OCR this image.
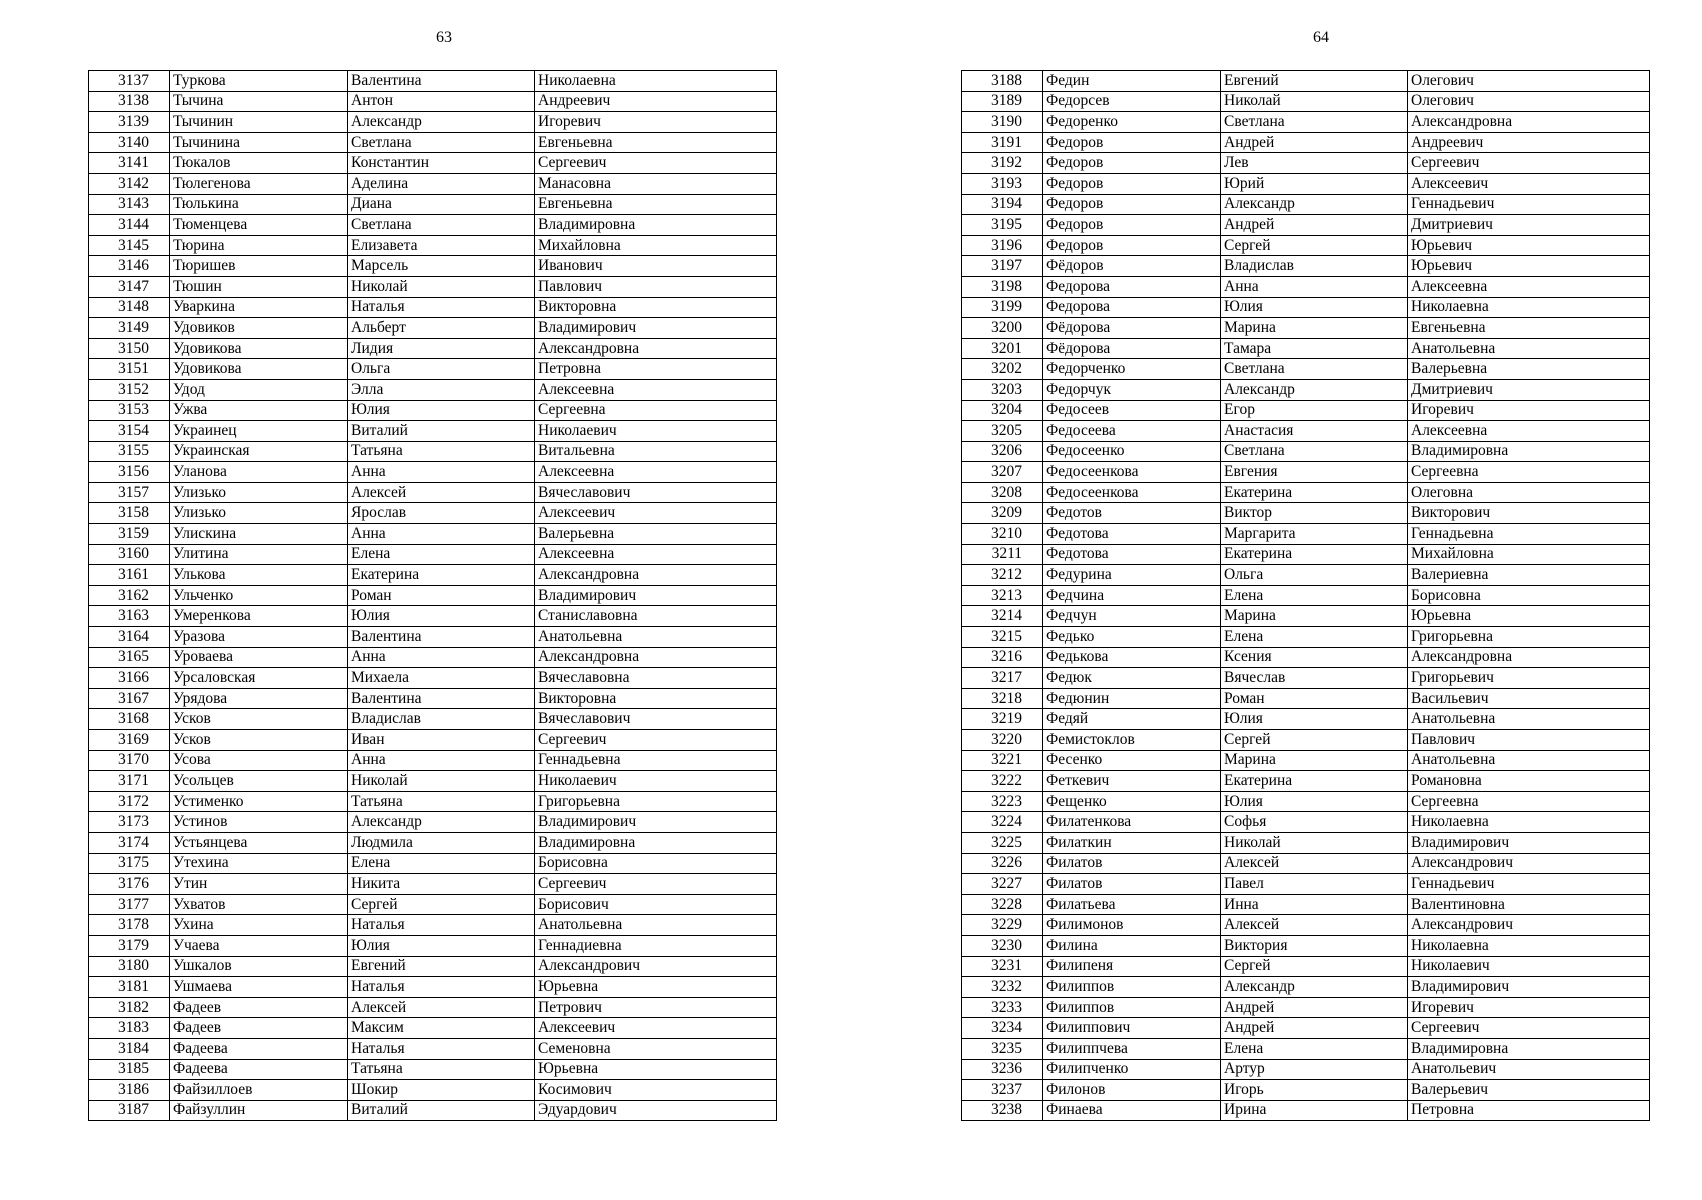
63
3137	Туркова	Валентина	Николаевна
3138	Тычина	Антон	Андреевич
3139	Тычинин	Александр	Игоревич
3140	Тычинина	Светлана	Евгеньевна
3141	Тюкалов	Константин	Сергеевич
3142	Тюлегенова	Аделина	Манасовна
3143	Тюлькина	Диана	Евгеньевна
3144	Тюменцева	Светлана	Владимировна
3145	Тюрина	Елизавета	Михайловна
3146	Тюришев	Марсель	Иванович
3147	Тюшин	Николай	Павлович
3148	Уваркина	Наталья	Викторовна
3149	Удовиков	Альберт	Владимирович
3150	Удовикова	Лидия	Александровна
3151	Удовикова	Ольга	Петровна
3152	Удод	Элла	Алексеевна
3153	Ужва	Юлия	Сергеевна
3154	Украинец	Виталий	Николаевич
3155	Украинская	Татьяна	Витальевна
3156	Уланова	Анна	Алексеевна
3157	Улизько	Алексей	Вячеславович
3158	Улизько	Ярослав	Алексеевич
3159	Улискина	Анна	Валерьевна
3160	Улитина	Елена	Алексеевна
3161	Улькова	Екатерина	Александровна
3162	Ульченко	Роман	Владимирович
3163	Умеренкова	Юлия	Станиславовна
3164	Уразова	Валентина	Анатольевна
3165	Уроваева	Анна	Александровна
3166	Урсаловская	Михаела	Вячеславовна
3167	Урядова	Валентина	Викторовна
3168	Усков	Владислав	Вячеславович
3169	Усков	Иван	Сергеевич
3170	Усова	Анна	Геннадьевна
3171	Усольцев	Николай	Николаевич
3172	Устименко	Татьяна	Григорьевна
3173	Устинов	Александр	Владимирович
3174	Устьянцева	Людмила	Владимировна
3175	Утехина	Елена	Борисовна
3176	Утин	Никита	Сергеевич
3177	Ухватов	Сергей	Борисович
3178	Ухина	Наталья	Анатольевна
3179	Учаева	Юлия	Геннадиевна
3180	Ушкалов	Евгений	Александрович
3181	Ушмаева	Наталья	Юрьевна
3182	Фадеев	Алексей	Петрович
3183	Фадеев	Максим	Алексеевич
3184	Фадеева	Наталья	Семеновна
3185	Фадеева	Татьяна	Юрьевна
3186	Файзиллоев	Шокир	Косимович
3187	Файзуллин	Виталий	Эдуардович
64
3188	Федин	Евгений	Олегович
3189	Федорсев	Николай	Олегович
3190	Федоренко	Светлана	Александровна
3191	Федоров	Андрей	Андреевич
3192	Федоров	Лев	Сергеевич
3193	Федоров	Юрий	Алексеевич
3194	Федоров	Александр	Геннадьевич
3195	Федоров	Андрей	Дмитриевич
3196	Федоров	Сергей	Юрьевич
3197	Фёдоров	Владислав	Юрьевич
3198	Федорова	Анна	Алексеевна
3199	Федорова	Юлия	Николаевна
3200	Фёдорова	Марина	Евгеньевна
3201	Фёдорова	Тамара	Анатольевна
3202	Федорченко	Светлана	Валерьевна
3203	Федорчук	Александр	Дмитриевич
3204	Федосеев	Егор	Игоревич
3205	Федосеева	Анастасия	Алексеевна
3206	Федосеенко	Светлана	Владимировна
3207	Федосеенкова	Евгения	Сергеевна
3208	Федосеенкова	Екатерина	Олеговна
3209	Федотов	Виктор	Викторович
3210	Федотова	Маргарита	Геннадьевна
3211	Федотова	Екатерина	Михайловна
3212	Федурина	Ольга	Валериевна
3213	Федчина	Елена	Борисовна
3214	Федчун	Марина	Юрьевна
3215	Федько	Елена	Григорьевна
3216	Федькова	Ксения	Александровна
3217	Федюк	Вячеслав	Григорьевич
3218	Федюнин	Роман	Васильевич
3219	Федяй	Юлия	Анатольевна
3220	Фемистоклов	Сергей	Павлович
3221	Фесенко	Марина	Анатольевна
3222	Феткевич	Екатерина	Романовна
3223	Фещенко	Юлия	Сергеевна
3224	Филатенкова	Софья	Николаевна
3225	Филаткин	Николай	Владимирович
3226	Филатов	Алексей	Александрович
3227	Филатов	Павел	Геннадьевич
3228	Филатьева	Инна	Валентиновна
3229	Филимонов	Алексей	Александрович
3230	Филина	Виктория	Николаевна
3231	Филипеня	Сергей	Николаевич
3232	Филиппов	Александр	Владимирович
3233	Филиппов	Андрей	Игоревич
3234	Филиппович	Андрей	Сергеевич
3235	Филиппчева	Елена	Владимировна
3236	Филипченко	Артур	Анатольевич
3237	Филонов	Игорь	Валерьевич
3238	Финаева	Ирина	Петровна
